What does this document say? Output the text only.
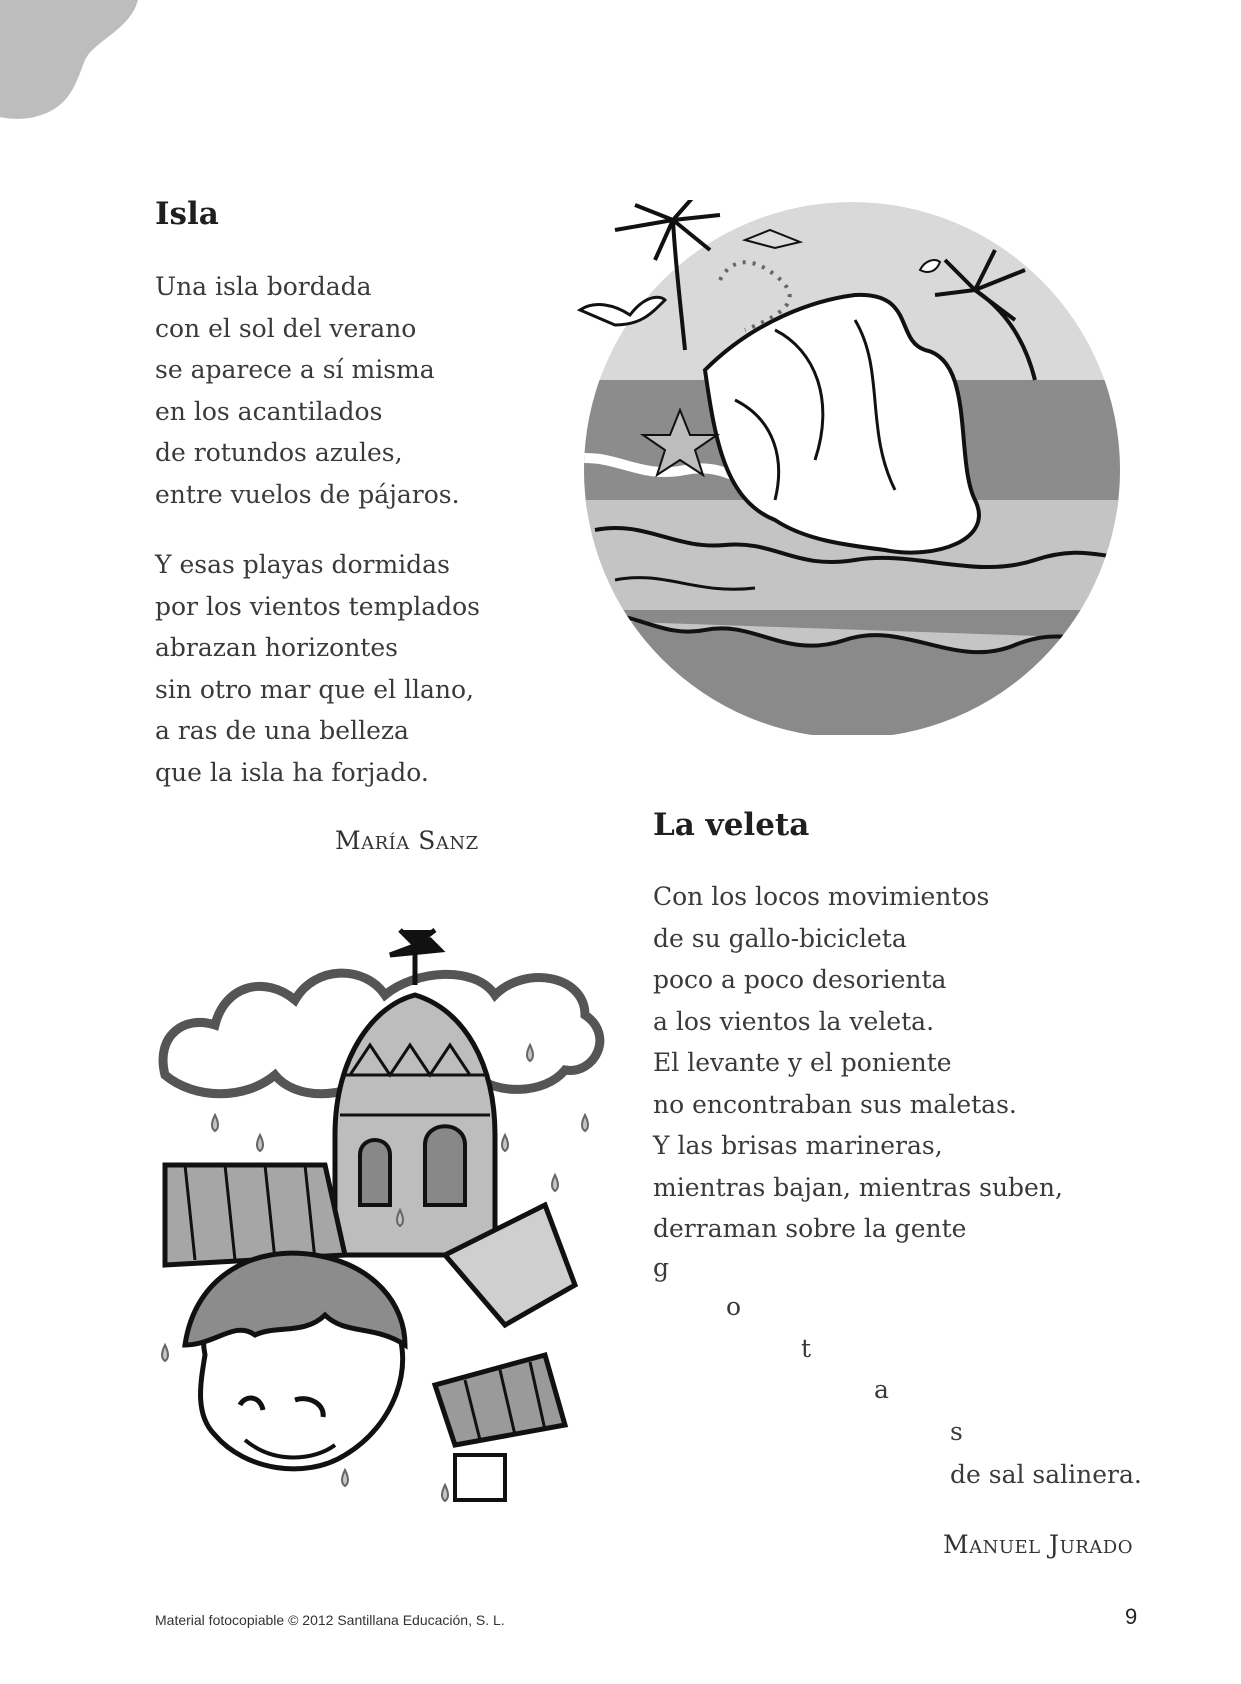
Isla
Una isla bordada
con el sol del verano
se aparece a sí misma
en los acantilados
de rotundos azules,
entre vuelos de pájaros.
Y esas playas dormidas
por los vientos templados
abrazan horizontes
sin otro mar que el llano,
a ras de una belleza
que la isla ha forjado.
María Sanz	La veleta
Con los locos movimientos
de su gallo-bicicleta
poco a poco desorienta
a los vientos la veleta.
El levante y el poniente
no encontraban sus maletas.
Y las brisas marineras,
mientras bajan, mientras suben,
derraman sobre la gente
g
o
t
a
s
de sal salinera.
Manuel Jurado
Material fotocopiable © 2012 Santillana Educación, S. L.	9
